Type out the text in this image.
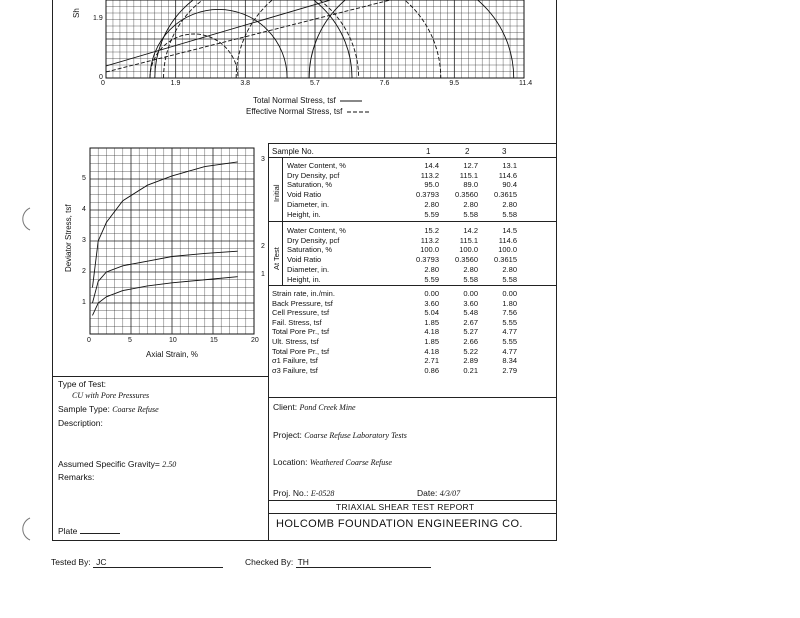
Sh
1.9
0
0	1.9	3.8	5.7	7.6	9.5	11.4
Total Normal Stress, tsf
Effective Normal Stress, tsf
Deviator Stress, tsf
1
2
3
4
5
0	5	10	15	20
Axial Strain, %
3
2
1
Sample No.	1	2	3
Initial
At Test
Water Content, %	14.4	12.7	13.1
Dry Density, pcf	113.2	115.1	114.6
Saturation, %	95.0	89.0	90.4
Void Ratio	0.3793	0.3560	0.3615
Diameter, in.	2.80	2.80	2.80
Height, in.	5.59	5.58	5.58
Water Content, %	15.2	14.2	14.5
Dry Density, pcf	113.2	115.1	114.6
Saturation, %	100.0	100.0	100.0
Void Ratio	0.3793	0.3560	0.3615
Diameter, in.	2.80	2.80	2.80
Height, in.	5.59	5.58	5.58
Strain rate, in./min.	0.00	0.00	0.00
Back Pressure, tsf	3.60	3.60	1.80
Cell Pressure, tsf	5.04	5.48	7.56
Fail. Stress, tsf	1.85	2.67	5.55
Total Pore Pr., tsf	4.18	5.27	4.77
Ult. Stress, tsf	1.85	2.66	5.55
Total Pore Pr., tsf	4.18	5.22	4.77
σ1 Failure, tsf	2.71	2.89	8.34
σ3 Failure, tsf	0.86	0.21	2.79
Type of Test:
CU with Pore Pressures
Sample Type: Coarse Refuse
Description:
Assumed Specific Gravity= 2.50
Remarks:
Plate
Client: Pond Creek Mine
Project: Coarse Refuse Laboratory Tests
Location: Weathered Coarse Refuse
Proj. No.: E-0528	Date: 4/3/07
TRIAXIAL SHEAR TEST REPORT
HOLCOMB FOUNDATION ENGINEERING CO.
Tested By: JC	Checked By: TH
